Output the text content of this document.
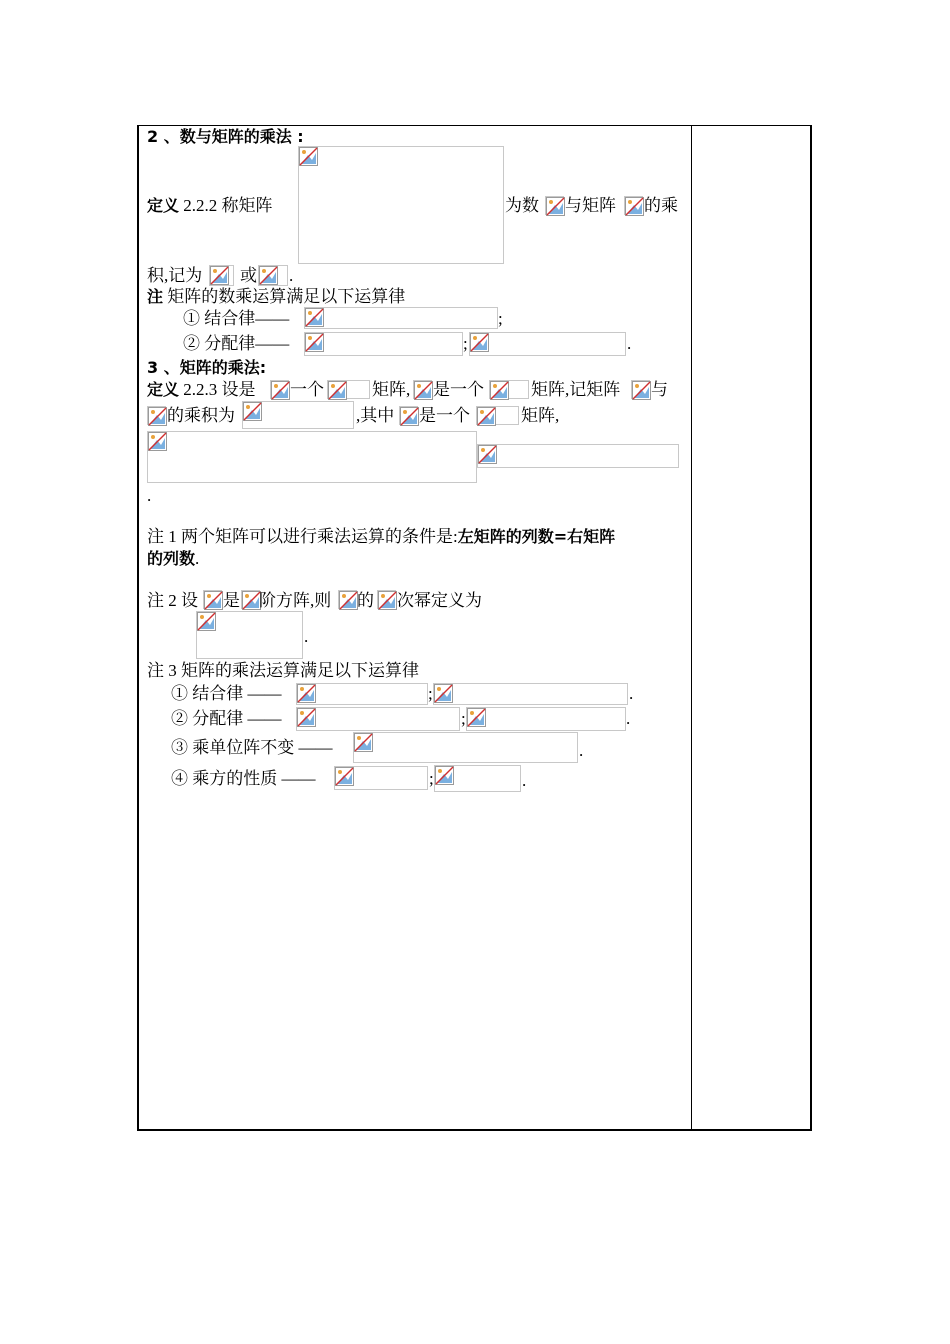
2 、数与矩阵的乘法 :
定义 2.2.2 称矩阵	为数 与矩阵 的乘
积,记为 或 .
注 矩阵的数乘运算满足以下运算律
① 结合律——	;
② 分配律——	;	.
3 、矩阵的乘法:
定义 2.2.3 设是 一个	矩阵, 是一个	矩阵,记矩阵 与
的乘积为	,其中 是一个	矩阵,
.
注 1 两个矩阵可以进行乘法运算的条件是:左矩阵的列数=右矩阵
的列数.
注 2 设 是 阶方阵,则 的 次幂定义为
.
注 3 矩阵的乘法运算满足以下运算律
① 结合律 ——	;	.
② 分配律 ——	;	.
③ 乘单位阵不变 ——	.
④ 乘方的性质 ——	;	.
